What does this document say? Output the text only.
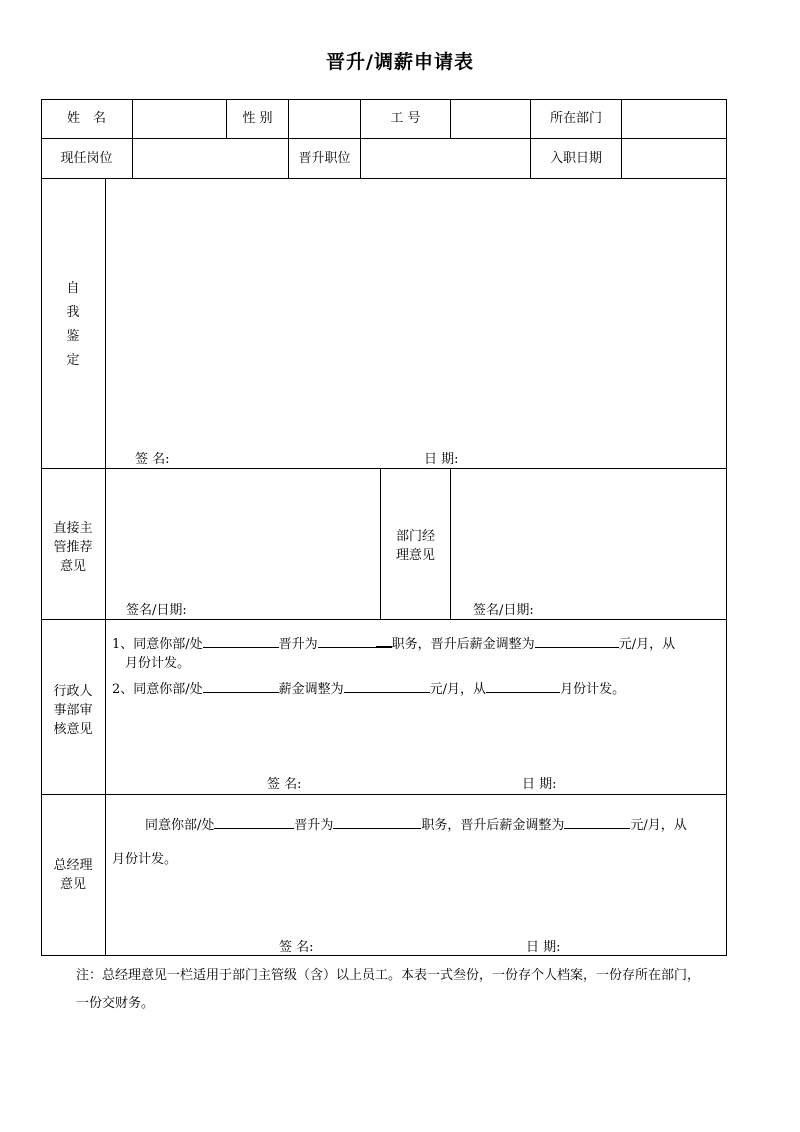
晋升/调薪申请表
姓　名	性 别	工 号	所在部门
现任岗位	晋升职位	入职日期
自
我
鉴
定
签 名:	日 期:
直接主
管推荐
意见
签名/日期:
部门经
理意见
签名/日期:
行政人
事部审
核意见
1、同意你部/处	晋升为	职务，晋升后薪金调整为	元/月，从
月份计发。
2、同意你部/处	薪金调整为	元/月，从	月份计发。
签 名:	日 期:
总经理
意见
同意你部/处	晋升为	职务，晋升后薪金调整为	元/月，从
月份计发。
签 名:	日 期:
注：总经理意见一栏适用于部门主管级（含）以上员工。本表一式叁份，一份存个人档案，一份存所在部门，
一份交财务。
